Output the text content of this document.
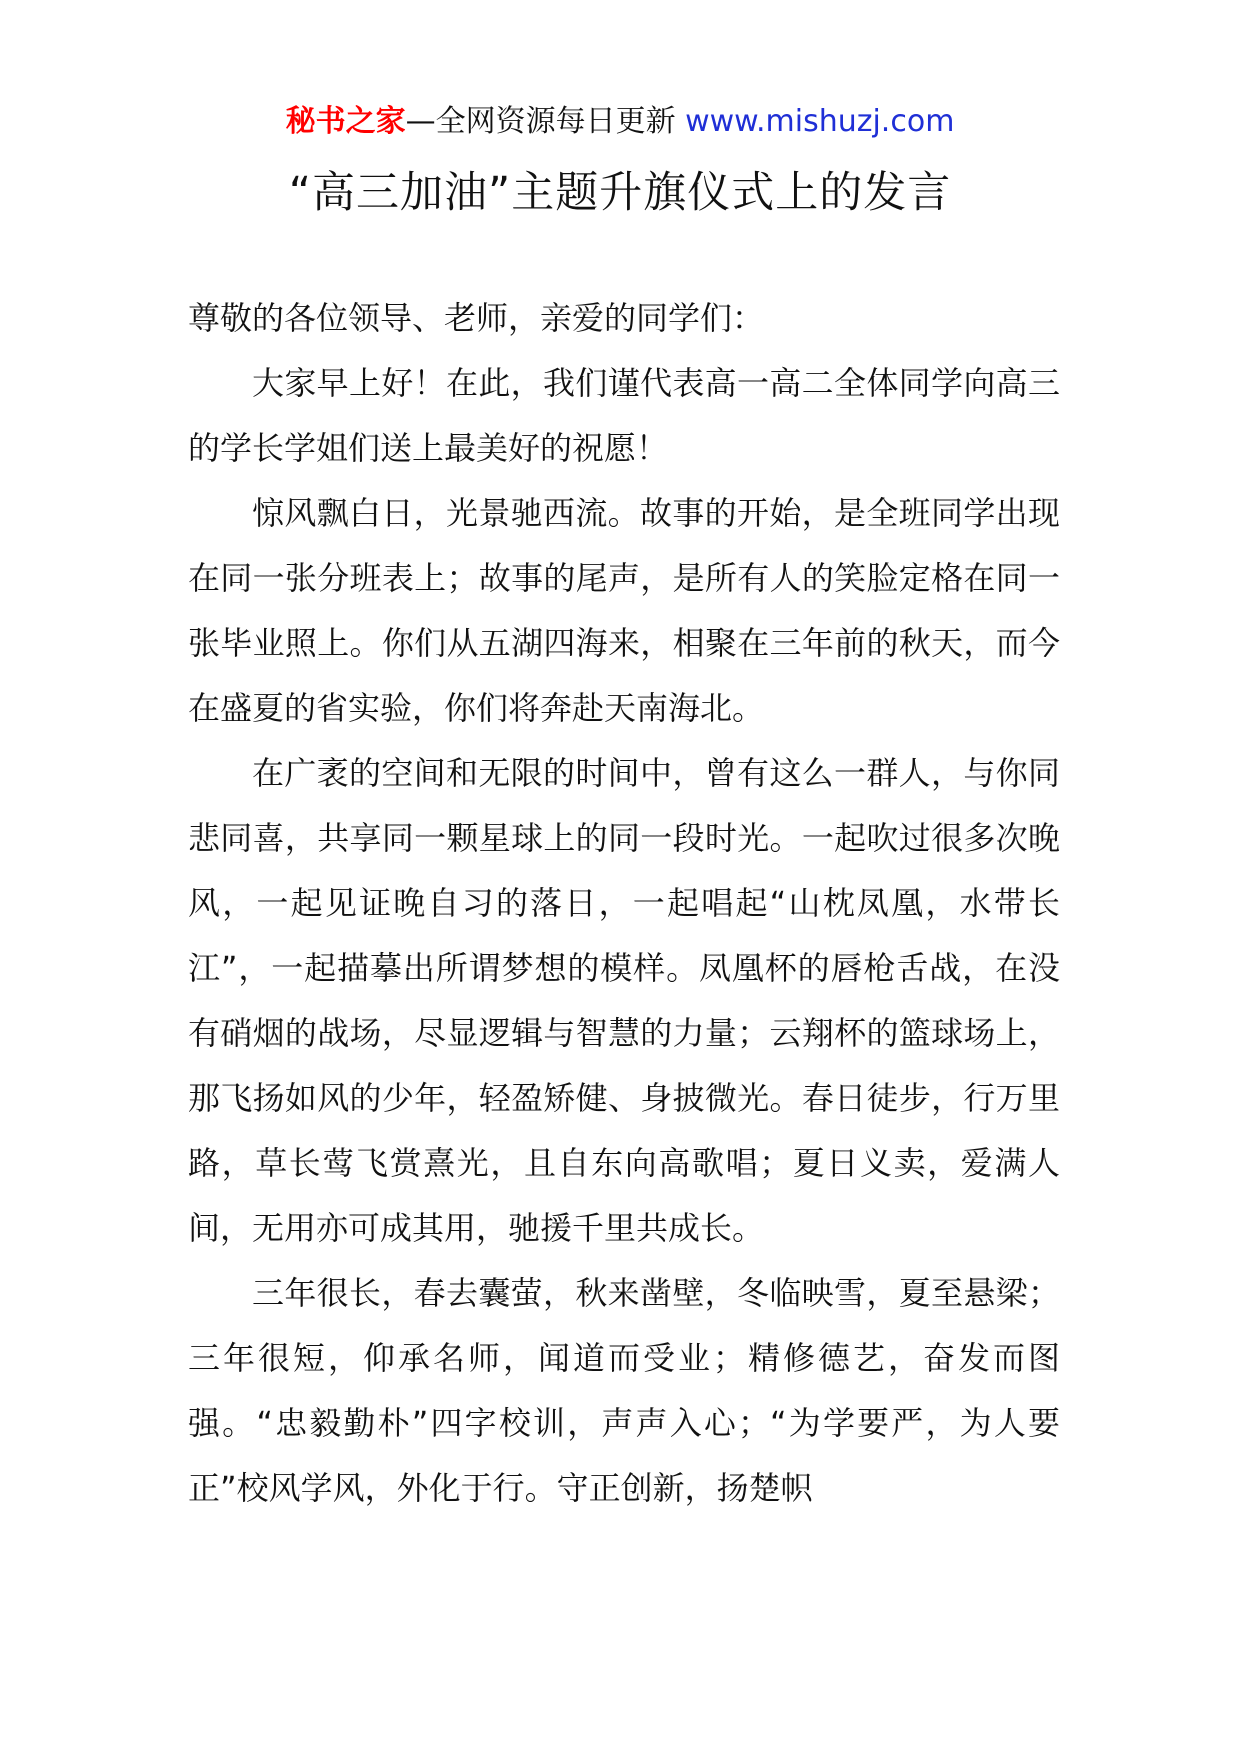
秘书之家—全网资源每日更新 www.mishuzj.com
“高三加油”主题升旗仪式上的发言

尊敬的各位领导、老师，亲爱的同学们：

大家早上好！在此，我们谨代表高一高二全体同学向高三的学长学姐们送上最美好的祝愿！

惊风飘白日，光景驰西流。故事的开始，是全班同学出现在同一张分班表上；故事的尾声，是所有人的笑脸定格在同一张毕业照上。你们从五湖四海来，相聚在三年前的秋天，而今在盛夏的省实验，你们将奔赴天南海北。

在广袤的空间和无限的时间中，曾有这么一群人，与你同悲同喜，共享同一颗星球上的同一段时光。一起吹过很多次晚风，一起见证晚自习的落日，一起唱起“山枕凤凰，水带长江”，一起描摹出所谓梦想的模样。凤凰杯的唇枪舌战，在没有硝烟的战场，尽显逻辑与智慧的力量；云翔杯的篮球场上，那飞扬如风的少年，轻盈矫健、身披微光。春日徒步，行万里路，草长莺飞赏熹光，且自东向高歌唱；夏日义卖，爱满人间，无用亦可成其用，驰援千里共成长。

三年很长，春去囊萤，秋来凿壁，冬临映雪，夏至悬梁；三年很短，仰承名师，闻道而受业；精修德艺，奋发而图强。“忠毅勤朴”四字校训，声声入心；“为学要严，为人要正”校风学风，外化于行。守正创新，扬楚帜
